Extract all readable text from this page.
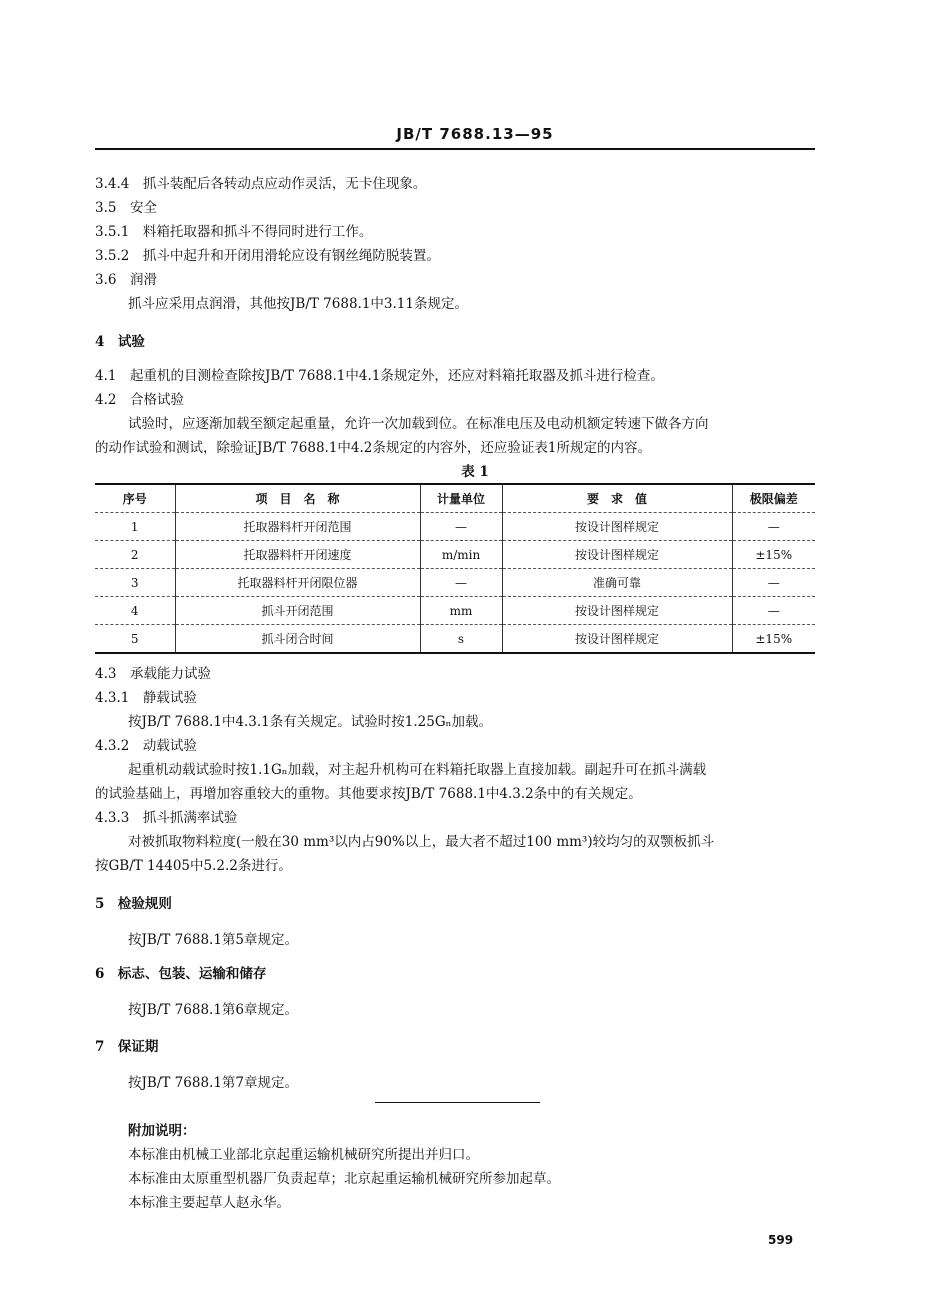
JB/T 7688.13—95
3.4.4　抓斗装配后各转动点应动作灵活，无卡住现象。
3.5　安全
3.5.1　料箱托取器和抓斗不得同时进行工作。
3.5.2　抓斗中起升和开闭用滑轮应设有钢丝绳防脱装置。
3.6　润滑
抓斗应采用点润滑，其他按JB/T 7688.1中3.11条规定。
4　试验
4.1　起重机的目测检查除按JB/T 7688.1中4.1条规定外，还应对料箱托取器及抓斗进行检查。
4.2　合格试验
试验时，应逐渐加载至额定起重量，允许一次加载到位。在标准电压及电动机额定转速下做各方向
的动作试验和测试，除验证JB/T 7688.1中4.2条规定的内容外，还应验证表1所规定的内容。
表 1
序号	项　目　名　称	计量单位	要　求　值	极限偏差
1	托取器料杆开闭范围	—	按设计图样规定	—
2	托取器料杆开闭速度	m/min	按设计图样规定	±15%
3	托取器料杆开闭限位器	—	准确可靠	—
4	抓斗开闭范围	mm	按设计图样规定	—
5	抓斗闭合时间	s	按设计图样规定	±15%
4.3　承载能力试验
4.3.1　静载试验
按JB/T 7688.1中4.3.1条有关规定。试验时按1.25Gₙ加载。
4.3.2　动载试验
起重机动载试验时按1.1Gₙ加载，对主起升机构可在料箱托取器上直接加载。副起升可在抓斗满载
的试验基础上，再增加容重较大的重物。其他要求按JB/T 7688.1中4.3.2条中的有关规定。
4.3.3　抓斗抓满率试验
对被抓取物料粒度(一般在30 mm³以内占90%以上，最大者不超过100 mm³)较均匀的双颚板抓斗
按GB/T 14405中5.2.2条进行。
5　检验规则
按JB/T 7688.1第5章规定。
6　标志、包装、运输和储存
按JB/T 7688.1第6章规定。
7　保证期
按JB/T 7688.1第7章规定。
附加说明：
本标准由机械工业部北京起重运输机械研究所提出并归口。
本标准由太原重型机器厂负责起草；北京起重运输机械研究所参加起草。
本标准主要起草人赵永华。
599
